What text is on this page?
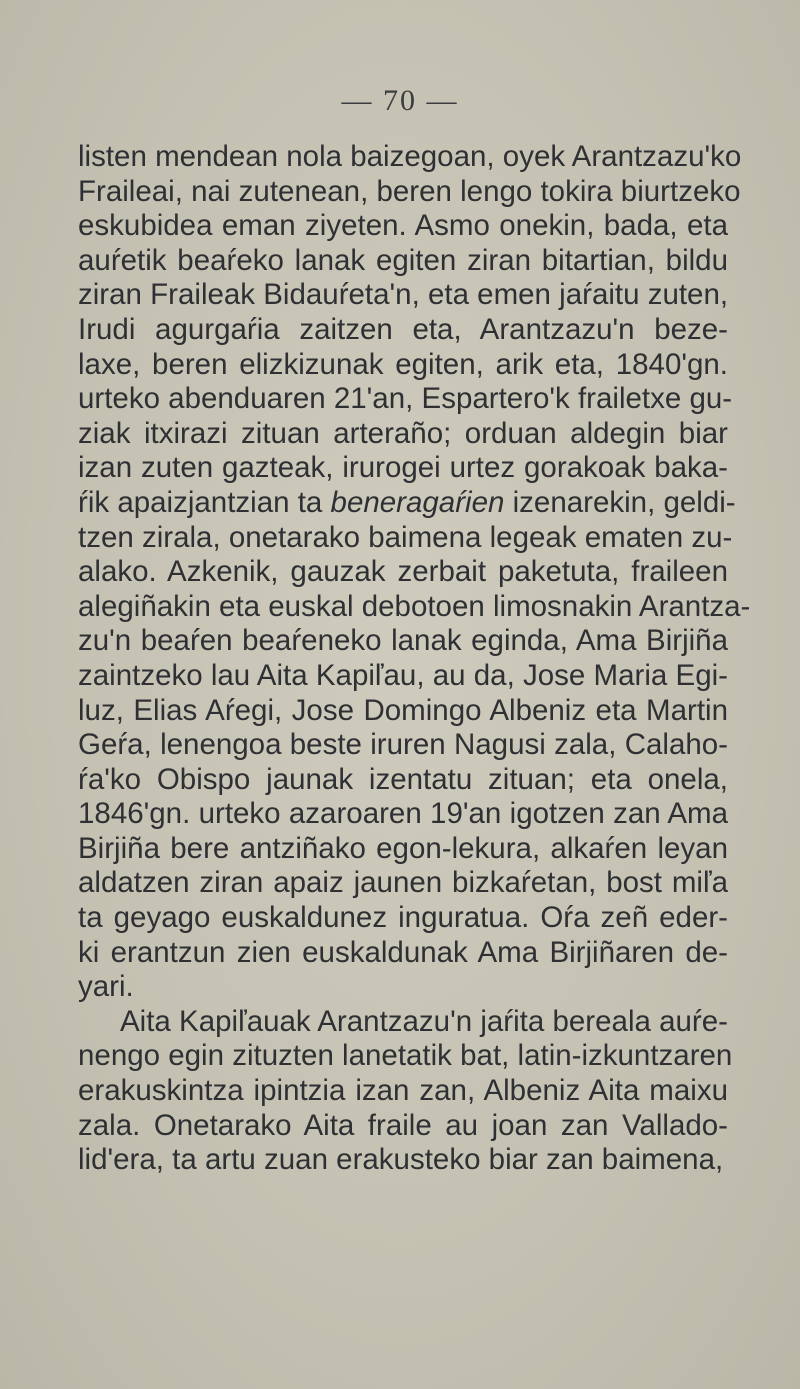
— 70 —
listen mendean nola baizegoan, oyek Arantzazu'ko
Fraileai, nai zutenean, beren lengo tokira biurtzeko
eskubidea eman ziyeten. Asmo onekin, bada, eta
auŕetik beaŕeko lanak egiten ziran bitartian, bildu
ziran Fraileak Bidauŕeta'n, eta emen jaŕaitu zuten,
Irudi agurgaŕia zaitzen eta, Arantzazu'n beze-
laxe, beren elizkizunak egiten, arik eta, 1840'gn.
urteko abenduaren 21'an, Espartero'k frailetxe gu-
ziak itxirazi zituan arteraño; orduan aldegin biar
izan zuten gazteak, irurogei urtez gorakoak baka-
ŕik apaizjantzian ta beneragaŕien izenarekin, geldi-
tzen zirala, onetarako baimena legeak ematen zu-
alako. Azkenik, gauzak zerbait paketuta, fraileen
alegiñakin eta euskal debotoen limosnakin Arantza-
zu'n beaŕen beaŕeneko lanak eginda, Ama Birjiña
zaintzeko lau Aita Kapiľau, au da, Jose Maria Egi-
luz, Elias Aŕegi, Jose Domingo Albeniz eta Martin
Geŕa, lenengoa beste iruren Nagusi zala, Calaho-
ŕa'ko Obispo jaunak izentatu zituan; eta onela,
1846'gn. urteko azaroaren 19'an igotzen zan Ama
Birjiña bere antziñako egon-lekura, alkaŕen leyan
aldatzen ziran apaiz jaunen bizkaŕetan, bost miľa
ta geyago euskaldunez inguratua. Oŕa zeñ eder-
ki erantzun zien euskaldunak Ama Birjiñaren de-
yari.
Aita Kapiľauak Arantzazu'n jaŕita bereala auŕe-
nengo egin zituzten lanetatik bat, latin-izkuntzaren
erakuskintza ipintzia izan zan, Albeniz Aita maixu
zala. Onetarako Aita fraile au joan zan Vallado-
lid'era, ta artu zuan erakusteko biar zan baimena,
